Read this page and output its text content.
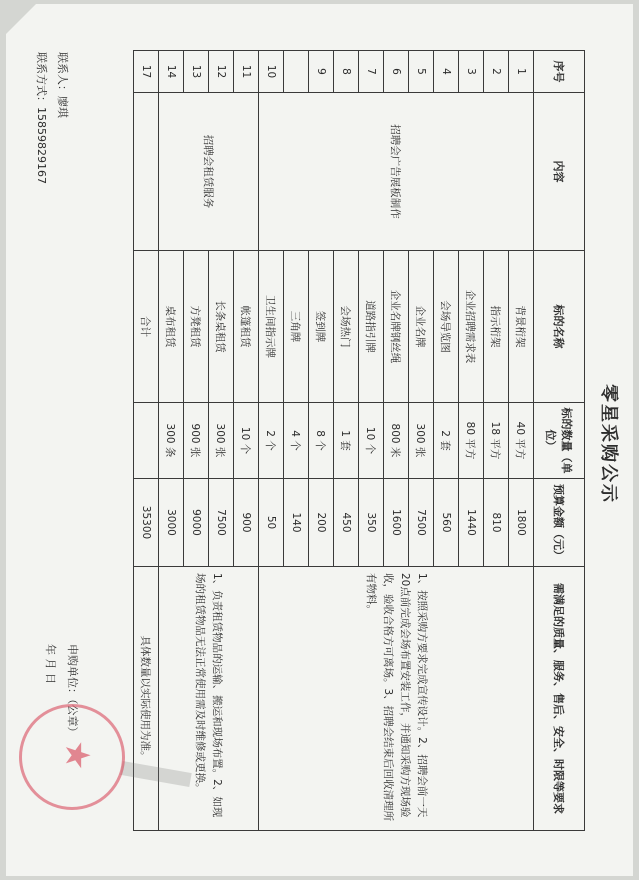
零星采购公示
序号	内容	标的名称	标的数量（单位）	预算金额（元）	需满足的质量、服务、售后、安全、时限等要求
1	招聘会广告展板制作	背景桁架	40 平方	1800	1、按照采购方要求完成宣传设计。2、招聘会前一天20点前完成会场布置安装工作，并通知采购方现场验收，验收合格方可离场。3、招聘会结束后回收清理所有物料。
2		指示桁架	18 平方	810	
3		企业招聘需求表	80 平方	1440	
4		会场导览图	2 套	560	
5		企业名牌	300 张	7500	
6		企业名牌钢丝绳	800 米	1600	
7		道路指引牌	10 个	350	
8		会场热门	1 套	450	
9		签到牌	8 个	200	
		三角牌	4 个	140	
10		卫生间指示牌	2 个	50	
11	招聘会租赁服务	帐篷租赁	10 个	900	1、负责租赁物品的运输、搬运和现场布置。2、如现场的租赁物品无法正常使用需及时维修或更换。
12		长条桌租赁	300 张	7500	
13		方凳租赁	900 张	9000	
14		桌布租赁	300 条	3000	
17		合计		35300	具体数量以实际使用为准。
联系人：廖琪
联系方式：15859829167
申购单位：（公章）
年 月 日
★
